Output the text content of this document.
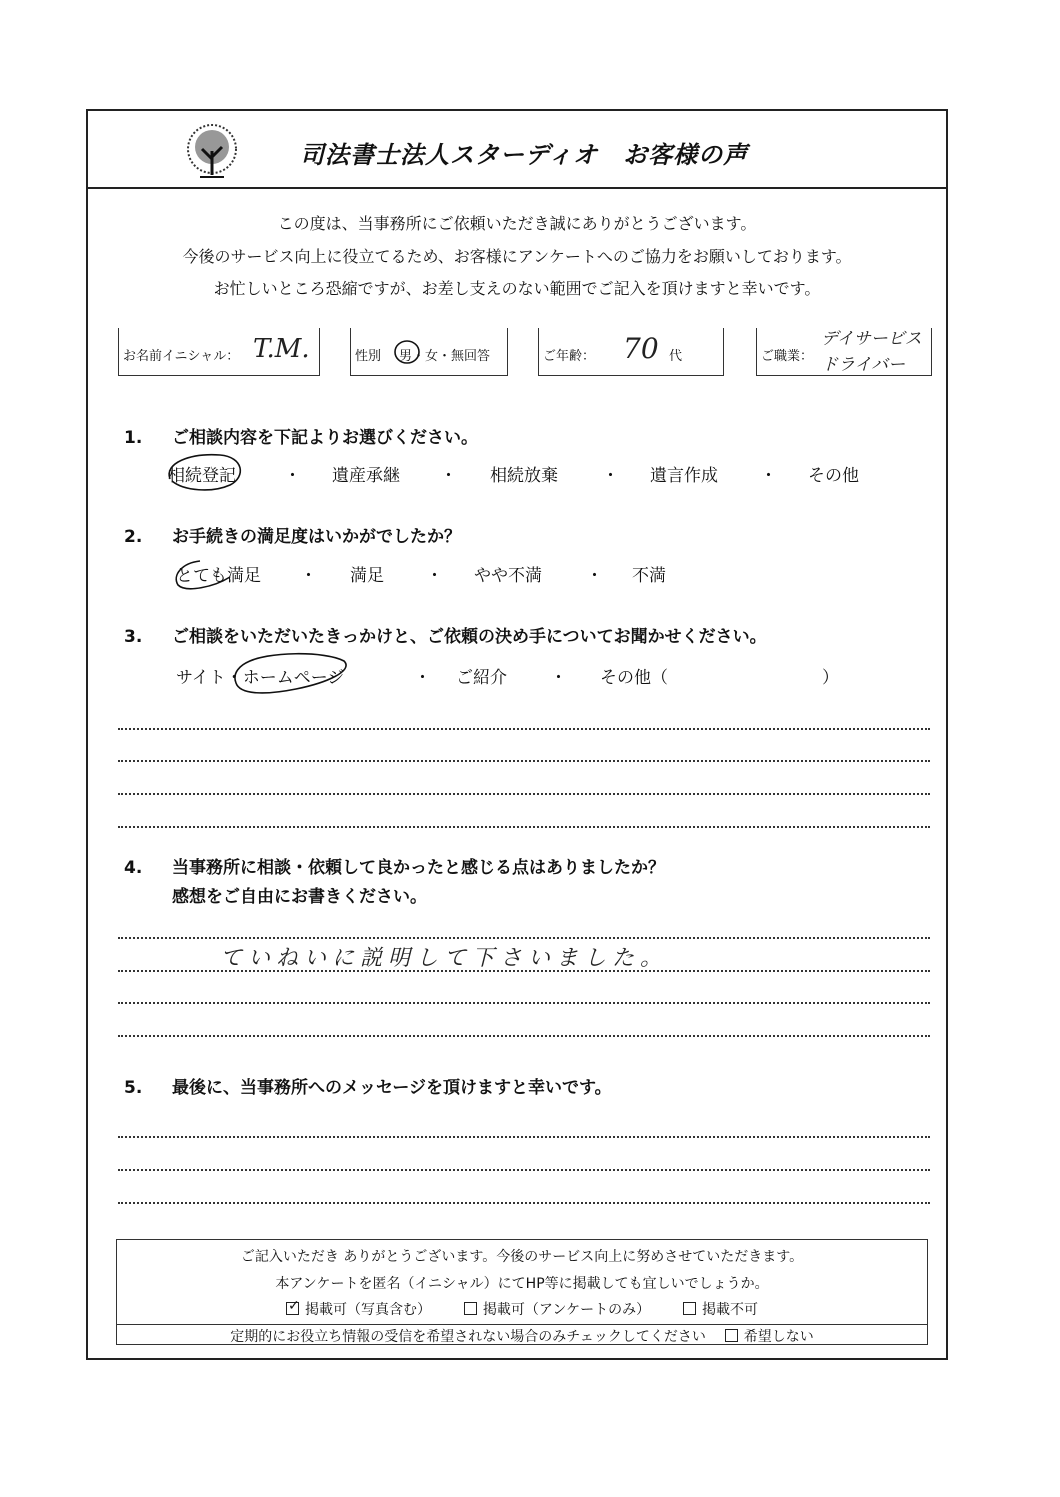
司法書士法人スターディオ　お客様の声
この度は、当事務所にご依頼いただき誠にありがとうございます。
今後のサービス向上に役立てるため、お客様にアンケートへのご協力をお願いしております。
お忙しいところ恐縮ですが、お差し支えのない範囲でご記入を頂けますと幸いです。
お名前イニシャル： T.M.	性別 男・女・無回答	ご年齢： 70 代	ご職業：
デイサービス
ドライバー
1. ご相談内容を下記よりお選びください。
相続登記	・ 遺産承継 ・ 相続放棄	・ 遺言作成 ・ その他
2. お手続きの満足度はいかがでしたか？
とても満足 ・ 満足 ・ やや不満	・ 不満
3. ご相談をいただいたきっかけと、ご依頼の決め手についてお聞かせください。
サイト・ホームページ	・ ご紹介	・ その他（	）
4. 当事務所に相談・依頼して良かったと感じる点はありましたか？
感想をご自由にお書きください。
ていねいに説明して下さいました。
5. 最後に、当事務所へのメッセージを頂けますと幸いです。
ご記入いただき ありがとうございます。今後のサービス向上に努めさせていただきます。
本アンケートを匿名（イニシャル）にてHP等に掲載しても宜しいでしょうか。
✓ 掲載可（写真含む）	掲載可（アンケートのみ）	掲載不可
定期的にお役立ち情報の受信を希望されない場合のみチェックしてください	希望しない
